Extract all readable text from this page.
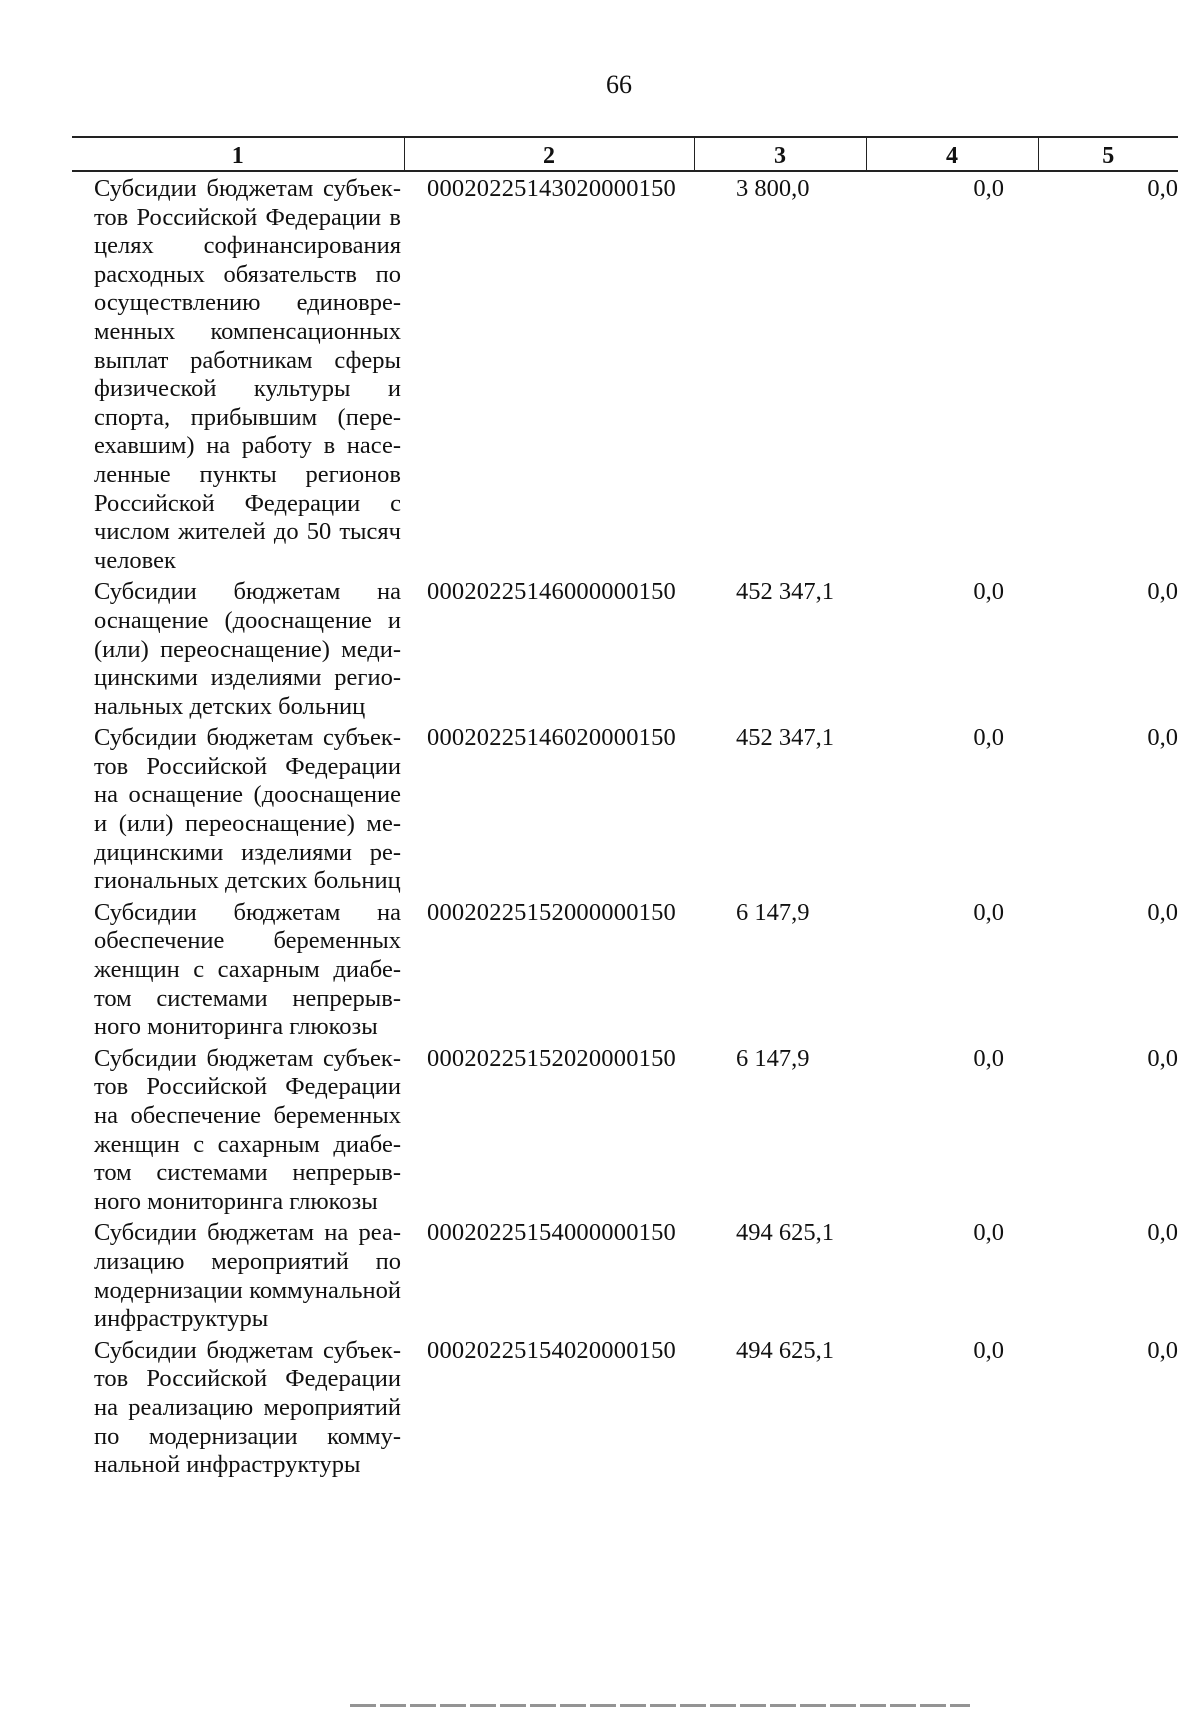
66
1	2	3	4	5
Субсидии бюджетам субъектов Российской Федерации в целях софинансирования расходных обязательств по осуществлению единовременных компенсационных выплат работникам сферы физической культуры и спорта, прибывшим (переехавшим) на работу в населенные пункты регионов Российской Федерации с числом жителей до 50 тысяч человек	00020225143020000150	3 800,0	0,0	0,0
Субсидии бюджетам на оснащение (дооснащение и (или) переоснащение) медицинскими изделиями региональных детских больниц	00020225146000000150	452 347,1	0,0	0,0
Субсидии бюджетам субъектов Российской Федерации на оснащение (дооснащение и (или) переоснащение) медицинскими изделиями региональных детских больниц	00020225146020000150	452 347,1	0,0	0,0
Субсидии бюджетам на обеспечение беременных женщин с сахарным диабетом системами непрерывного мониторинга глюкозы	00020225152000000150	6 147,9	0,0	0,0
Субсидии бюджетам субъектов Российской Федерации на обеспечение беременных женщин с сахарным диабетом системами непрерывного мониторинга глюкозы	00020225152020000150	6 147,9	0,0	0,0
Субсидии бюджетам на реализацию мероприятий по модернизации коммунальной инфраструктуры	00020225154000000150	494 625,1	0,0	0,0
Субсидии бюджетам субъектов Российской Федерации на реализацию мероприятий по модернизации коммунальной инфраструктуры	00020225154020000150	494 625,1	0,0	0,0
